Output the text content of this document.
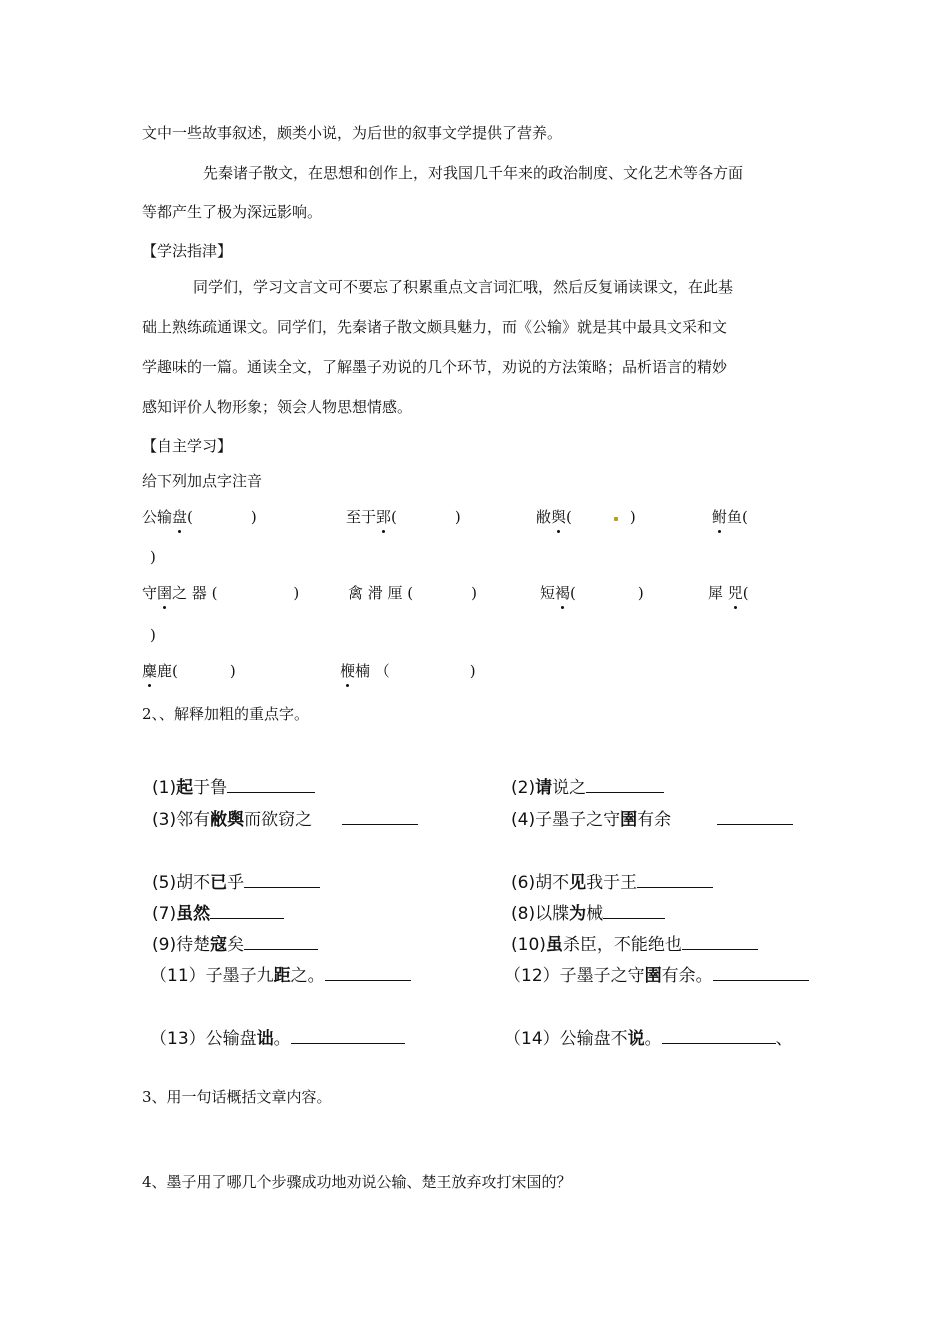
文中一些故事叙述，颇类小说，为后世的叙事文学提供了营养。
先秦诸子散文，在思想和创作上，对我国几千年来的政治制度、文化艺术等各方面
等都产生了极为深远影响。
【学法指津】
同学们，学习文言文可不要忘了积累重点文言词汇哦，然后反复诵读课文，在此基
础上熟练疏通课文。同学们，先秦诸子散文颇具魅力，而《公输》就是其中最具文采和文
学趣味的一篇。通读全文，了解墨子劝说的几个环节，劝说的方法策略；品析语言的精妙
感知评价人物形象；领会人物思想情感。
【自主学习】
给下列加点字注音
公输盘(	)	至于郢(	)	敝舆(	)	鲋鱼(
)
守圉之 器 (	)	禽 滑 厘 (	)	短褐(	)	犀 兕(
)
麋鹿(	)	楩楠 （	)
2、、解释加粗的重点字。
(1)起于鲁	(2)请说之
(3)邻有敝舆而欲窃之	(4)子墨子之守圉有余
(5)胡不已乎	(6)胡不见我于王
(7)虽然	(8)以牒为械
(9)待楚寇矣	(10)虽杀臣，不能绝也
（11）子墨子九距之。	（12）子墨子之守圉有余。
（13）公输盘诎。	（14）公输盘不说。	、
3、用一句话概括文章内容。
4、墨子用了哪几个步骤成功地劝说公输、楚王放弃攻打宋国的？
